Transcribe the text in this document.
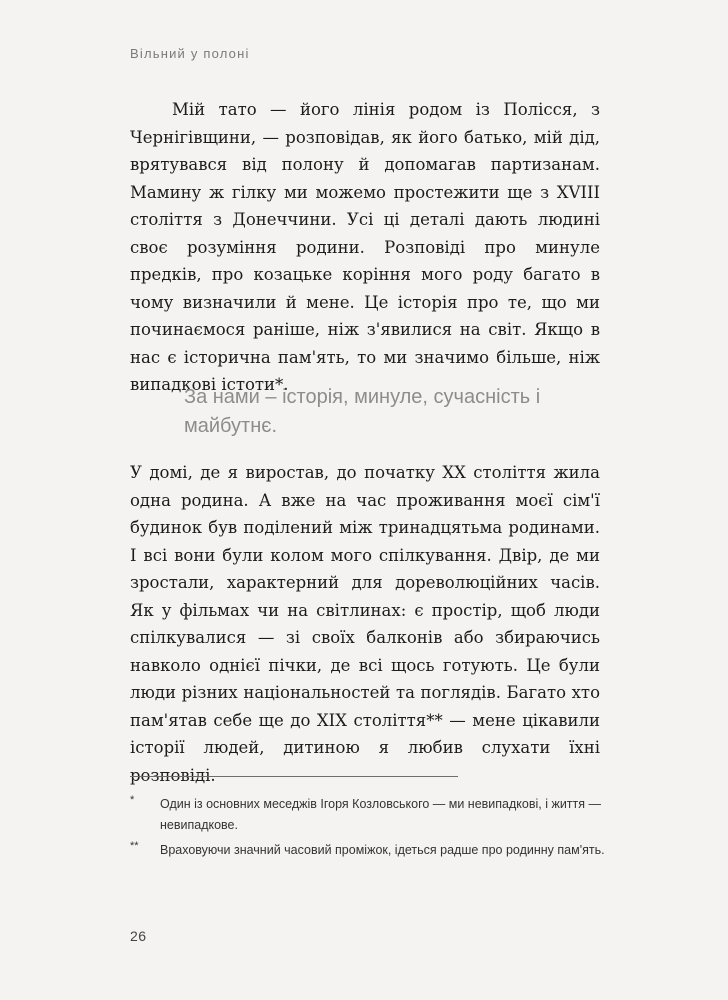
Вільний у полоні

Мій тато — його лінія родом із Полісся, з Чернігівщини, — розповідав, як його батько, мій дід, врятувався від полону й допомагав партизанам. Мамину ж гілку ми можемо простежити ще з XVIII століття з Донеччини. Усі ці деталі дають людині своє розуміння родини. Розповіді про минуле предків, про козацьке коріння мого роду багато в чому визначили й мене. Це історія про те, що ми починаємося раніше, ніж з'явилися на світ. Якщо в нас є історична пам'ять, то ми значимо більше, ніж випадкові істоти*.

За нами – історія, минуле, сучасність і майбутнє.

У домі, де я виростав, до початку XX століття жила одна родина. А вже на час проживання моєї сім'ї будинок був поділений між тринадцятьма родинами. І всі вони були колом мого спілкування. Двір, де ми зростали, характерний для дореволюційних часів. Як у фільмах чи на світлинах: є простір, щоб люди спілкувалися — зі своїх балконів або збираючись навколо однієї пічки, де всі щось готують. Це були люди різних національностей та поглядів. Багато хто пам'ятав себе ще до XIX століття** — мене цікавили історії людей, дитиною я любив слухати їхні розповіді.

* Один із основних меседжів Ігоря Козловського — ми невипадкові, і життя — невипадкове.
** Враховуючи значний часовий проміжок, ідеться радше про родинну пам'ять.
26
